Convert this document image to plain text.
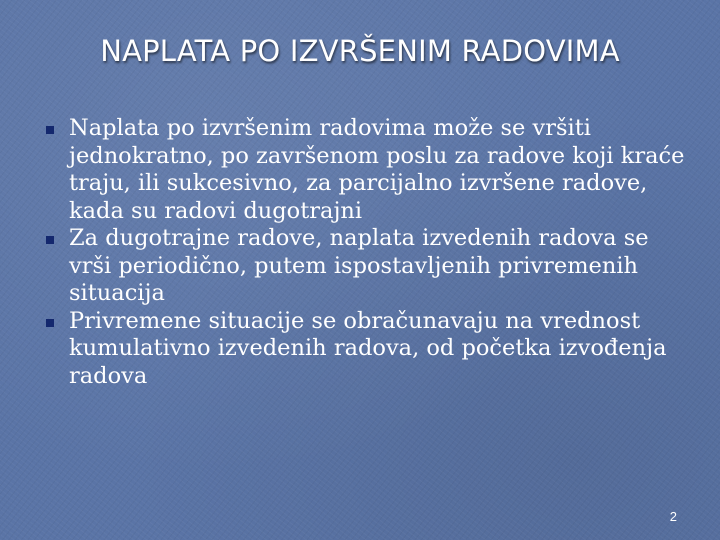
NAPLATA PO IZVRŠENIM RADOVIMA
Naplata po izvršenim radovima može se vršiti jednokratno, po završenom poslu za radove koji kraće traju, ili sukcesivno, za parcijalno izvršene radove, kada su radovi dugotrajni
Za dugotrajne radove, naplata izvedenih radova se vrši periodično, putem ispostavljenih privremenih situacija
Privremene situacije se obračunavaju na vrednost kumulativno izvedenih radova, od početka izvođenja radova
2
